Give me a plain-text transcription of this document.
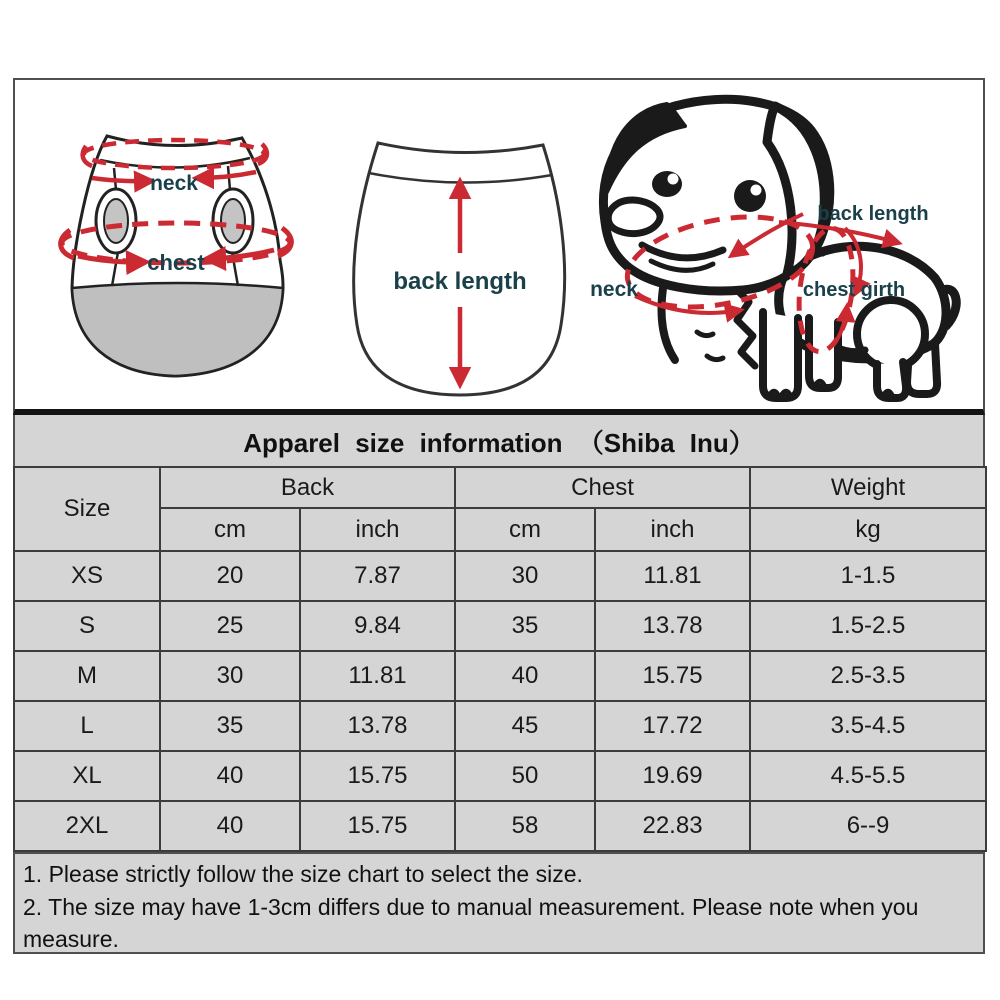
neck
chest
back length	neck
back length
chest girth
Apparel size information （Shiba Inu）
Size	Back		Chest		Weight
	cm	inch	cm	inch	kg
XS	20	7.87	30	11.81	1-1.5
S	25	9.84	35	13.78	1.5-2.5
M	30	11.81	40	15.75	2.5-3.5
L	35	13.78	45	17.72	3.5-4.5
XL	40	15.75	50	19.69	4.5-5.5
2XL	40	15.75	58	22.83	6--9

1. Please strictly follow the size chart to select the size.

2. The size may have 1-3cm differs due to manual measurement. Please note when you measure.
